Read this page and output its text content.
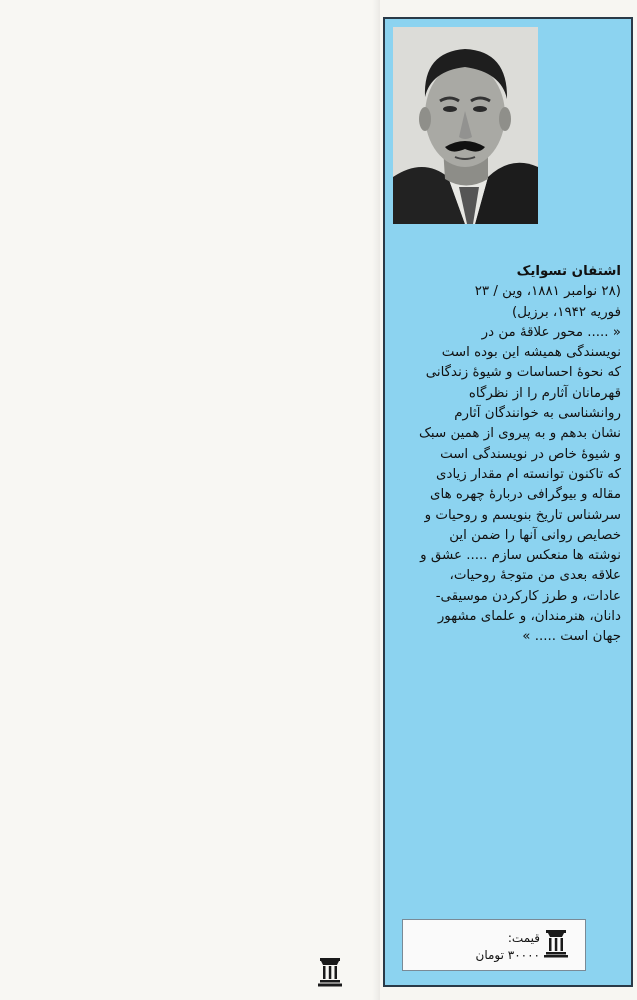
اشتفان تسوایک
(۲۸ نوامبر ۱۸۸۱، وین / ۲۳
فوریه ۱۹۴۲، برزیل)
« ..... محور علاقهٔ من در
نویسندگی همیشه این بوده است
که نحوهٔ احساسات و شیوهٔ زندگانی
قهرمانان آثارم را از نظرگاه
روانشناسی به خوانندگان آثارم
نشان بدهم و به پیروی از همین سبک
و شیوهٔ خاص در نویسندگی است
که تاکنون توانسته ام مقدار زیادی
مقاله و بیوگرافی دربارهٔ چهره های
سرشناس تاریخ بنویسم و روحیات و
خصایص روانی آنها را ضمن این
نوشته ها منعکس سازم ..... عشق و
علاقه بعدی من متوجهٔ روحیات،
عادات، و طرز کارکردن موسیقی-
دانان، هنرمندان، و علمای مشهور
جهان است ..... »
قیمت:
۳۰۰۰۰ تومان
